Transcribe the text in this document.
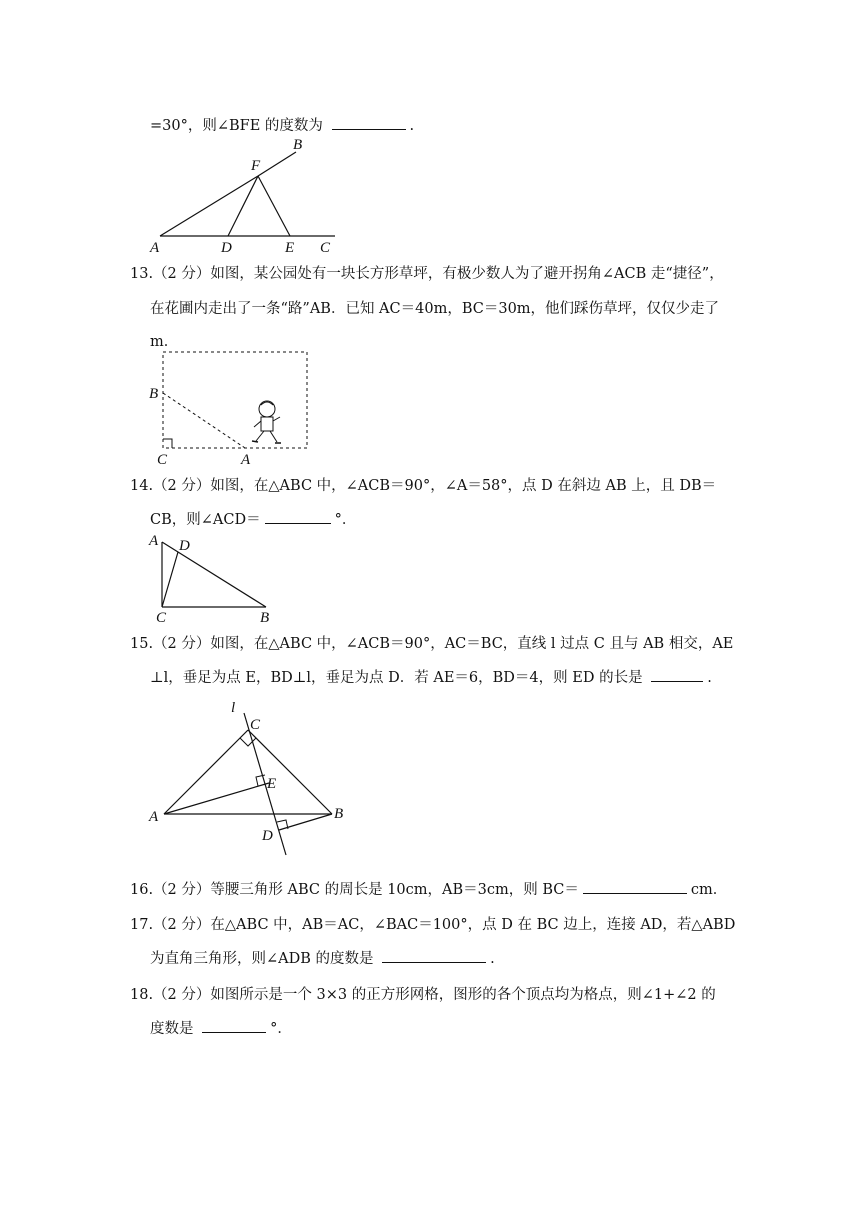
=30°，则∠BFE 的度数为	.
B
F
A	D	E C
13.（2 分）如图，某公园处有一块长方形草坪，有极少数人为了避开拐角∠ACB 走“捷径”，
在花圃内走出了一条“路”AB．已知 AC＝40m，BC＝30m，他们踩伤草坪，仅仅少走了
m．
B
C	A
14.（2 分）如图，在△ABC 中，∠ACB＝90°，∠A＝58°，点 D 在斜边 AB 上，且 DB＝
CB，则∠ACD＝	°．
A D
C	B
15.（2 分）如图，在△ABC 中，∠ACB＝90°，AC＝BC，直线 l 过点 C 且与 AB 相交，AE
⊥l，垂足为点 E，BD⊥l，垂足为点 D．若 AE＝6，BD＝4，则 ED 的长是	.
l
C
E
A	B
D
16.（2 分）等腰三角形 ABC 的周长是 10cm，AB＝3cm，则 BC＝	cm．
17.（2 分）在△ABC 中，AB＝AC，∠BAC＝100°，点 D 在 BC 边上，连接 AD，若△ABD
为直角三角形，则∠ADB 的度数是	.
18.（2 分）如图所示是一个 3×3 的正方形网格，图形的各个顶点均为格点，则∠1+∠2 的
度数是	°．
